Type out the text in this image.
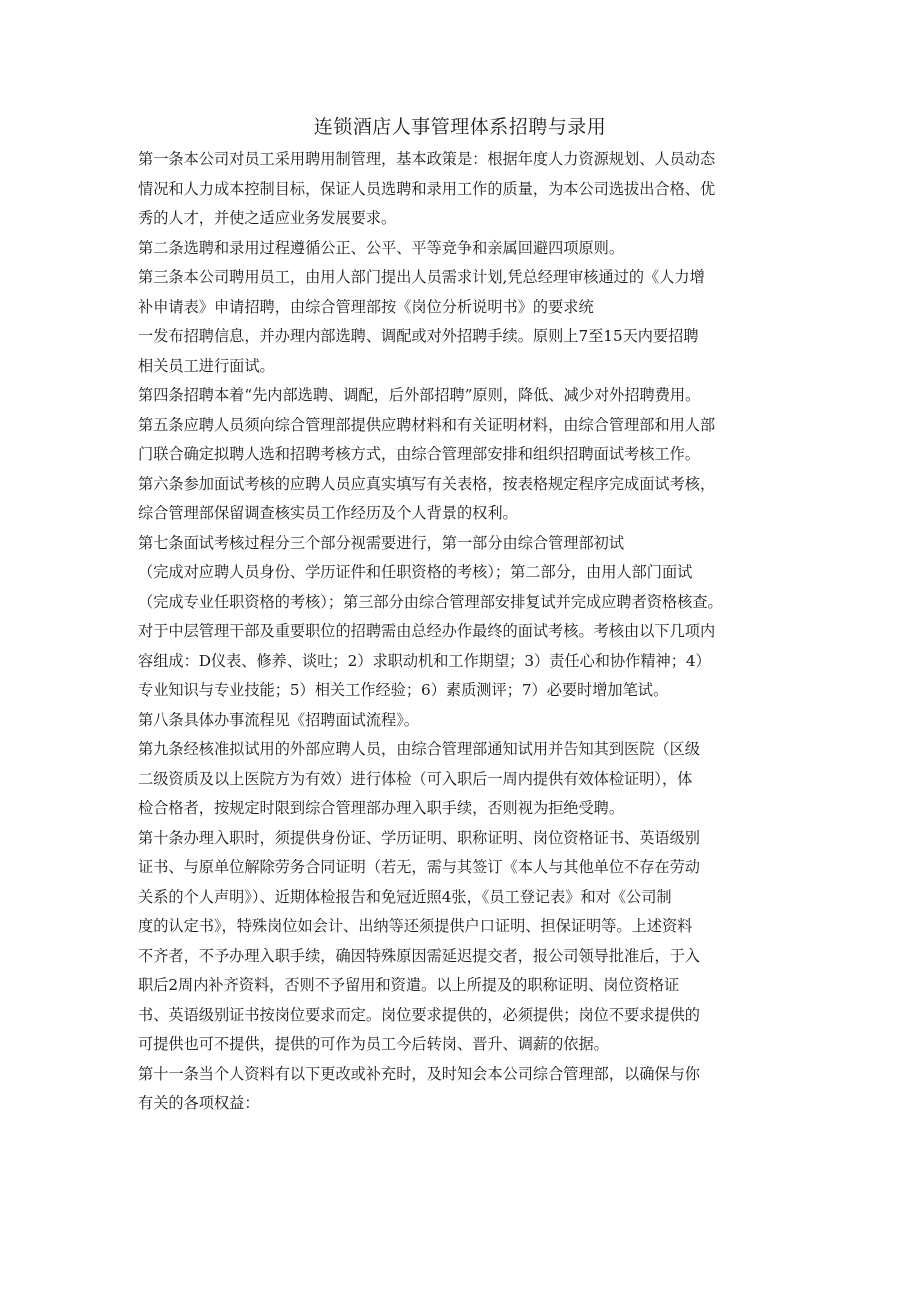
连锁酒店人事管理体系招聘与录用
第一条本公司对员工采用聘用制管理，基本政策是：根据年度人力资源规划、人员动态
情况和人力成本控制目标，保证人员选聘和录用工作的质量，为本公司选拔出合格、优
秀的人才，并使之适应业务发展要求。
第二条选聘和录用过程遵循公正、公平、平等竞争和亲属回避四项原则。
第三条本公司聘用员工，由用人部门提出人员需求计划,凭总经理审核通过的《人力增
补申请表》申请招聘，由综合管理部按《岗位分析说明书》的要求统
一发布招聘信息，并办理内部选聘、调配或对外招聘手续。原则上7至15天内要招聘
相关员工进行面试。
第四条招聘本着“先内部选聘、调配，后外部招聘”原则，降低、减少对外招聘费用。
第五条应聘人员须向综合管理部提供应聘材料和有关证明材料，由综合管理部和用人部
门联合确定拟聘人选和招聘考核方式，由综合管理部安排和组织招聘面试考核工作。
第六条参加面试考核的应聘人员应真实填写有关表格，按表格规定程序完成面试考核，
综合管理部保留调查核实员工作经历及个人背景的权利。
第七条面试考核过程分三个部分视需要进行，第一部分由综合管理部初试
（完成对应聘人员身份、学历证件和任职资格的考核）；第二部分，由用人部门面试
（完成专业任职资格的考核）；第三部分由综合管理部安排复试并完成应聘者资格核查。
对于中层管理干部及重要职位的招聘需由总经办作最终的面试考核。考核由以下几项内
容组成：D仪表、修养、谈吐；2）求职动机和工作期望；3）责任心和协作精神；4）
专业知识与专业技能；5）相关工作经验；6）素质测评；7）必要时增加笔试。
第八条具体办事流程见《招聘面试流程》。
第九条经核准拟试用的外部应聘人员，由综合管理部通知试用并告知其到医院（区级
二级资质及以上医院方为有效）进行体检（可入职后一周内提供有效体检证明），体
检合格者，按规定时限到综合管理部办理入职手续，否则视为拒绝受聘。
第十条办理入职时，须提供身份证、学历证明、职称证明、岗位资格证书、英语级别
证书、与原单位解除劳务合同证明（若无，需与其签订《本人与其他单位不存在劳动
关系的个人声明》）、近期体检报告和免冠近照4张，《员工登记表》和对《公司制
度的认定书》，特殊岗位如会计、出纳等还须提供户口证明、担保证明等。上述资料
不齐者，不予办理入职手续，确因特殊原因需延迟提交者，报公司领导批准后，于入
职后2周内补齐资料，否则不予留用和资遣。以上所提及的职称证明、岗位资格证
书、英语级别证书按岗位要求而定。岗位要求提供的，必须提供；岗位不要求提供的
可提供也可不提供，提供的可作为员工今后转岗、晋升、调薪的依据。
第十一条当个人资料有以下更改或补充时，及时知会本公司综合管理部，以确保与你
有关的各项权益：
